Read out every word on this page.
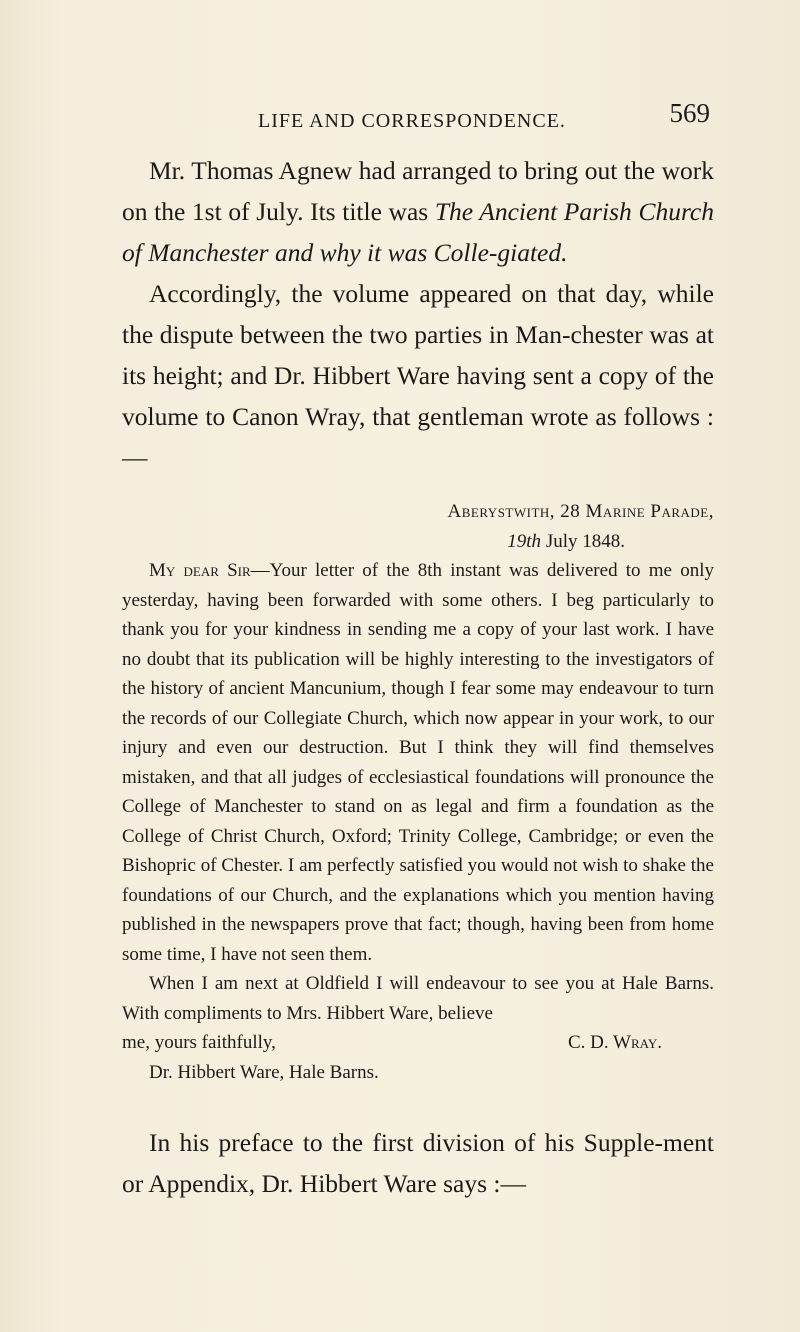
LIFE AND CORRESPONDENCE.	569

Mr. Thomas Agnew had arranged to bring out the work on the 1st of July. Its title was The Ancient Parish Church of Manchester and why it was Colle-giated.

Accordingly, the volume appeared on that day, while the dispute between the two parties in Man-chester was at its height; and Dr. Hibbert Ware having sent a copy of the volume to Canon Wray, that gentleman wrote as follows :—

Aberystwith, 28 Marine Parade,
19th July 1848.

My dear Sir—Your letter of the 8th instant was delivered to me only yesterday, having been forwarded with some others. I beg particularly to thank you for your kindness in sending me a copy of your last work. I have no doubt that its publication will be highly interesting to the investigators of the history of ancient Mancunium, though I fear some may endeavour to turn the records of our Collegiate Church, which now appear in your work, to our injury and even our destruction. But I think they will find themselves mistaken, and that all judges of ecclesiastical foundations will pronounce the College of Manchester to stand on as legal and firm a foundation as the College of Christ Church, Oxford; Trinity College, Cambridge; or even the Bishopric of Chester. I am perfectly satisfied you would not wish to shake the foundations of our Church, and the explanations which you mention having published in the newspapers prove that fact; though, having been from home some time, I have not seen them.

When I am next at Oldfield I will endeavour to see you at Hale Barns. With compliments to Mrs. Hibbert Ware, believe

me, yours faithfully,	C. D. Wray.

Dr. Hibbert Ware, Hale Barns.

In his preface to the first division of his Supple-ment or Appendix, Dr. Hibbert Ware says :—
